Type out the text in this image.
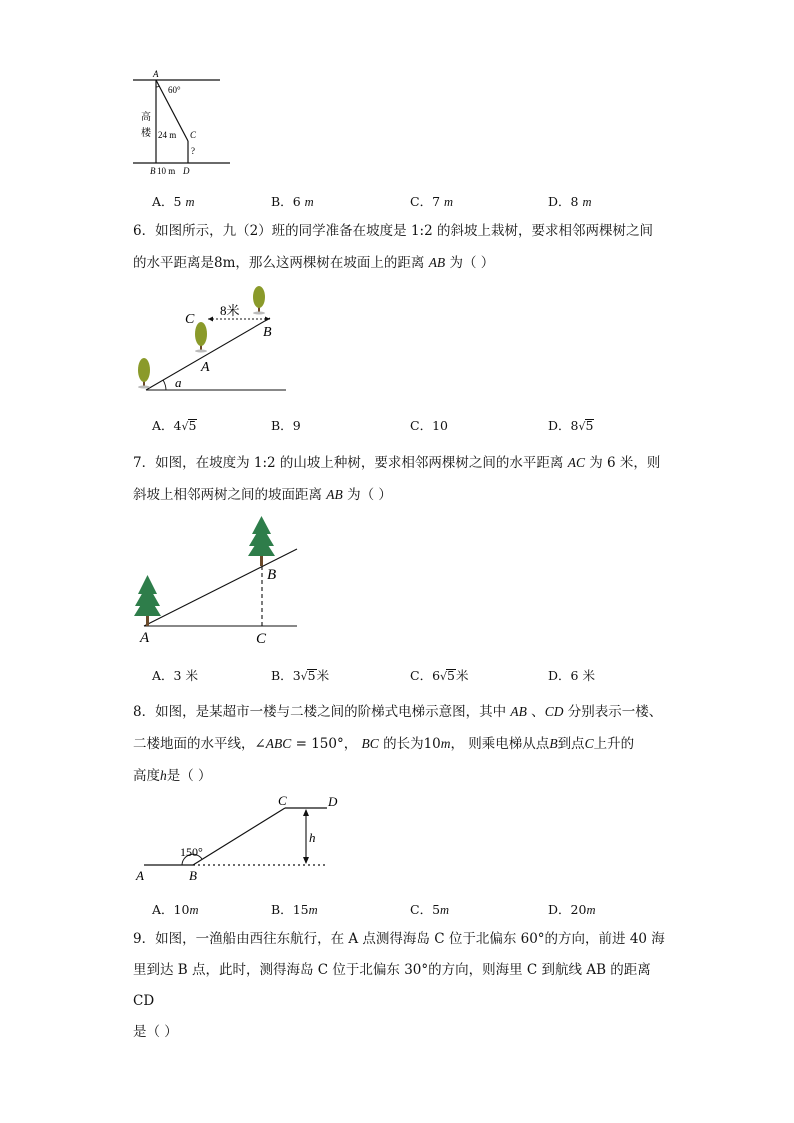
A
60°
高
楼 24 m C
?
B 10 m D
A．5 m	B．6 m	C．7 m	D．8 m
6．如图所示，九（2）班的同学准备在坡度是 1:2 的斜坡上栽树，要求相邻两棵树之间
的水平距离是8m，那么这两棵树在坡面上的距离 AB 为（ ）
C
8米
B
A
a
A．4√5	B．9	C．10	D．8√5
7．如图，在坡度为 1:2 的山坡上种树，要求相邻两棵树之间的水平距离 AC 为 6 米，则
斜坡上相邻两树之间的坡面距离 AB 为（ ）
A
B
C
A．3 米	B．3√5米	C．6√5米	D．6 米
8．如图，是某超市一楼与二楼之间的阶梯式电梯示意图，其中 AB 、CD 分别表示一楼、
二楼地面的水平线，∠ABC = 150°， BC 的长为10m， 则乘电梯从点B到点C上升的
高度h是（ ）
C	D
h
150°
A	B
A．10m	B．15m	C．5m	D．20m
9．如图，一渔船由西往东航行，在 A 点测得海岛 C 位于北偏东 60°的方向，前进 40 海
里到达 B 点，此时，测得海岛 C 位于北偏东 30°的方向，则海里 C 到航线 AB 的距离 CD
是（ ）
